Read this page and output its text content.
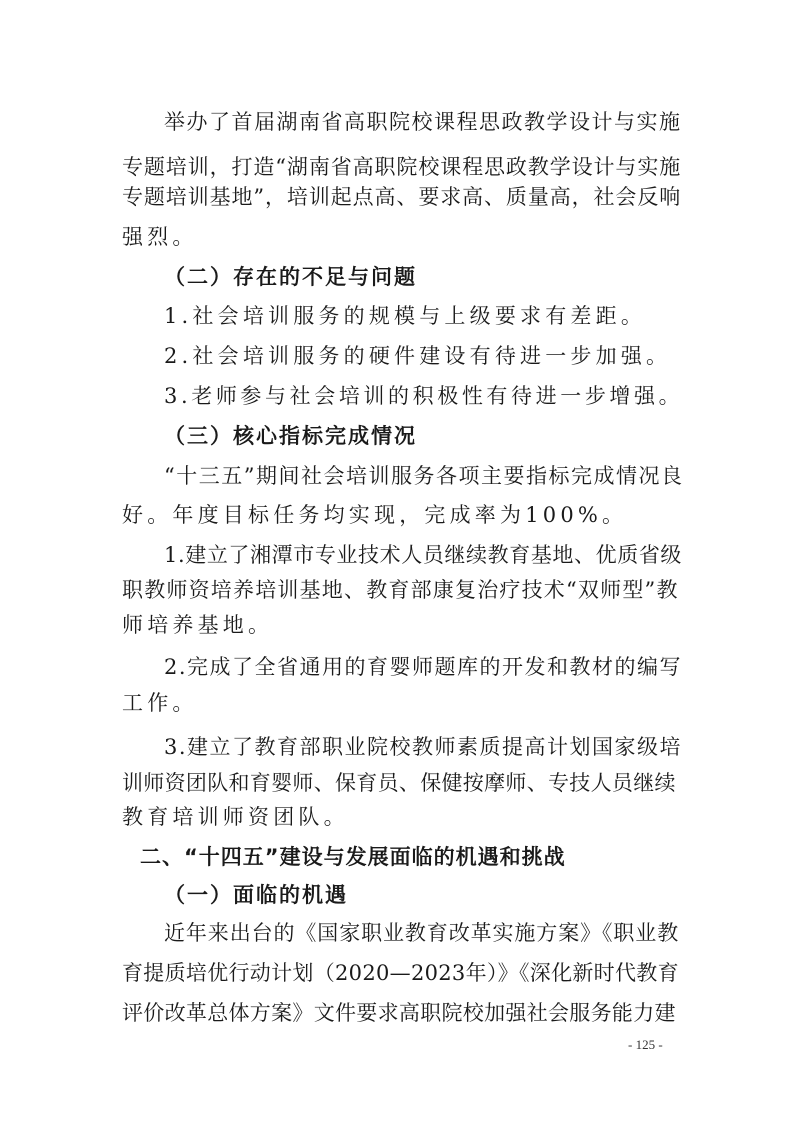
举办了首届湖南省高职院校课程思政教学设计与实施
专题培训，打造“湖南省高职院校课程思政教学设计与实施
专题培训基地”，培训起点高、要求高、质量高，社会反响
强烈。
（二）存在的不足与问题
1.社会培训服务的规模与上级要求有差距。
2.社会培训服务的硬件建设有待进一步加强。
3.老师参与社会培训的积极性有待进一步增强。
（三）核心指标完成情况
“十三五”期间社会培训服务各项主要指标完成情况良
好。年度目标任务均实现，完成率为100%。
1.建立了湘潭市专业技术人员继续教育基地、优质省级
职教师资培养培训基地、教育部康复治疗技术“双师型”教
师培养基地。
2.完成了全省通用的育婴师题库的开发和教材的编写
工作。
3.建立了教育部职业院校教师素质提高计划国家级培
训师资团队和育婴师、保育员、保健按摩师、专技人员继续
教育培训师资团队。
二、“十四五”建设与发展面临的机遇和挑战
（一）面临的机遇
近年来出台的《国家职业教育改革实施方案》《职业教
育提质培优行动计划（2020—2023年）》《深化新时代教育
评价改革总体方案》文件要求高职院校加强社会服务能力建
- 125 -
